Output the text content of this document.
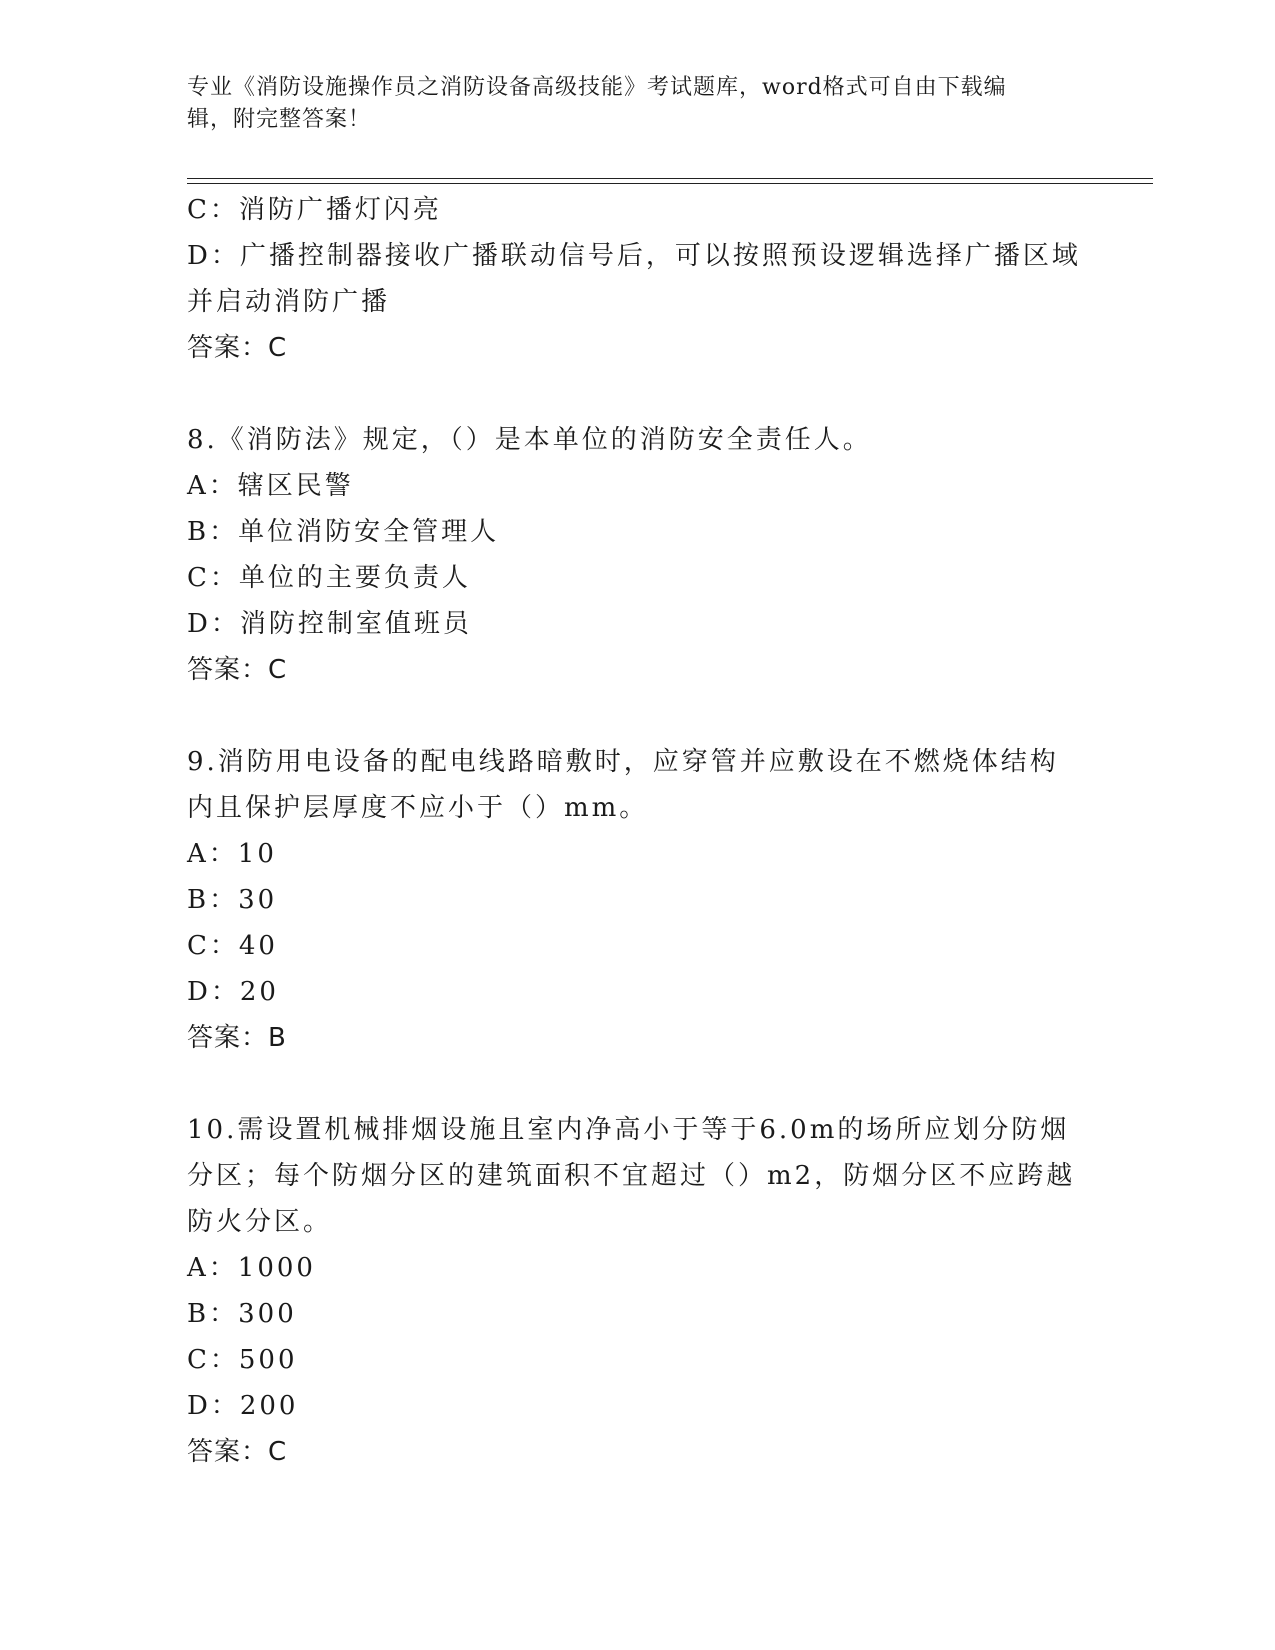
专业《消防设施操作员之消防设备高级技能》考试题库，word格式可自由下载编
辑，附完整答案！
C：消防广播灯闪亮
D：广播控制器接收广播联动信号后，可以按照预设逻辑选择广播区域
并启动消防广播
答案：C
8.《消防法》规定，（）是本单位的消防安全责任人。
A：辖区民警
B：单位消防安全管理人
C：单位的主要负责人
D：消防控制室值班员
答案：C
9.消防用电设备的配电线路暗敷时，应穿管并应敷设在不燃烧体结构
内且保护层厚度不应小于（）mm。
A：10
B：30
C：40
D：20
答案：B
10.需设置机械排烟设施且室内净高小于等于6.0m的场所应划分防烟
分区；每个防烟分区的建筑面积不宜超过（）m2，防烟分区不应跨越
防火分区。
A：1000
B：300
C：500
D：200
答案：C
